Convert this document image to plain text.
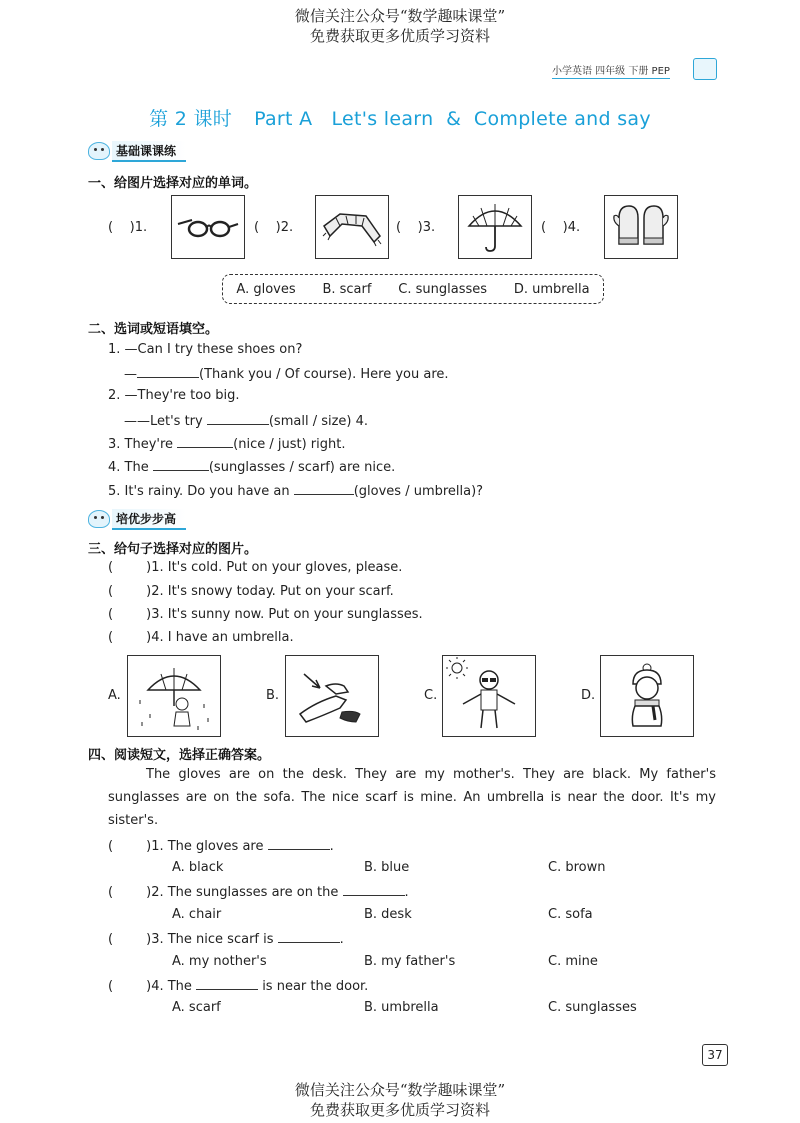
微信关注公众号“数学趣味课堂”
免费获取更多优质学习资料
小学英语 四年级 下册 PEP
第 2 课时 Part A   Let's learn  &  Complete and say
基础课课练
一、给图片选择对应的单词。
(    )1.	(    )2.	(    )3.	(    )4.
A. gloves B. scarf C. sunglasses D. umbrella
二、选词或短语填空。
1. —Can I try these shoes on?
—	(Thank you / Of course). Here you are.
2. —They're too big.
——Let's try	(small / size) 4.
3. They're	(nice / just) right.
4. The	(sunglasses / scarf) are nice.
5. It's rainy. Do you have an	(gloves / umbrella)?
培优步步高
三、给句子选择对应的图片。
(        )1. It's cold. Put on your gloves, please.
(        )2. It's snowy today. Put on your scarf.
(        )3. It's sunny now. Put on your sunglasses.
(        )4. I have an umbrella.
A.	B.	C.	D.
四、阅读短文，选择正确答案。
The gloves are on the desk. They are my mother's. They are black. My father's sunglasses are on the sofa. The nice scarf is mine. An umbrella is near the door. It's my sister's.
(        )1. The gloves are	.
A. black	B. blue	C. brown
(        )2. The sunglasses are on the	.
A. chair	B. desk	C. sofa
(        )3. The nice scarf is	.
A. my nother's	B. my father's	C. mine
(        )4. The	is near the door.
A. scarf	B. umbrella	C. sunglasses
37
微信关注公众号“数学趣味课堂”
免费获取更多优质学习资料
